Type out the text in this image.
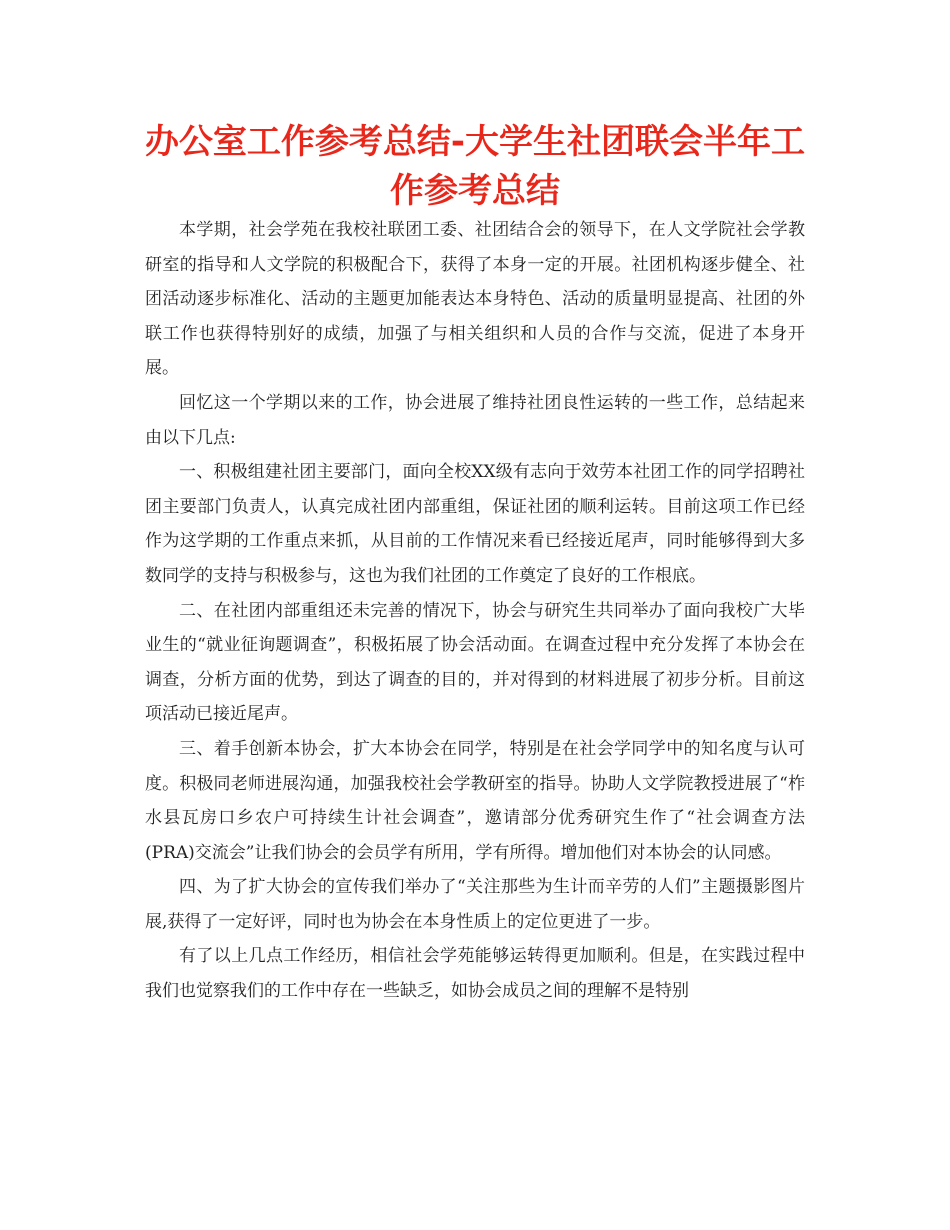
办公室工作参考总结-大学生社团联会半年工作参考总结

本学期，社会学苑在我校社联团工委、社团结合会的领导下，在人文学院社会学教研室的指导和人文学院的积极配合下，获得了本身一定的开展。社团机构逐步健全、社团活动逐步标准化、活动的主题更加能表达本身特色、活动的质量明显提高、社团的外联工作也获得特别好的成绩，加强了与相关组织和人员的合作与交流，促进了本身开展。

回忆这一个学期以来的工作，协会进展了维持社团良性运转的一些工作，总结起来由以下几点:

一、积极组建社团主要部门，面向全校XX级有志向于效劳本社团工作的同学招聘社团主要部门负责人，认真完成社团内部重组，保证社团的顺利运转。目前这项工作已经作为这学期的工作重点来抓，从目前的工作情况来看已经接近尾声，同时能够得到大多数同学的支持与积极参与，这也为我们社团的工作奠定了良好的工作根底。

二、在社团内部重组还未完善的情况下，协会与研究生共同举办了面向我校广大毕业生的“就业征询题调查”，积极拓展了协会活动面。在调查过程中充分发挥了本协会在调查，分析方面的优势，到达了调查的目的，并对得到的材料进展了初步分析。目前这项活动已接近尾声。

三、着手创新本协会，扩大本协会在同学，特别是在社会学同学中的知名度与认可度。积极同老师进展沟通，加强我校社会学教研室的指导。协助人文学院教授进展了“柞水县瓦房口乡农户可持续生计社会调查”，邀请部分优秀研究生作了“社会调查方法(PRA)交流会”让我们协会的会员学有所用，学有所得。增加他们对本协会的认同感。

四、为了扩大协会的宣传我们举办了“关注那些为生计而辛劳的人们”主题摄影图片展,获得了一定好评，同时也为协会在本身性质上的定位更进了一步。

有了以上几点工作经历，相信社会学苑能够运转得更加顺利。但是，在实践过程中我们也觉察我们的工作中存在一些缺乏，如协会成员之间的理解不是特别
